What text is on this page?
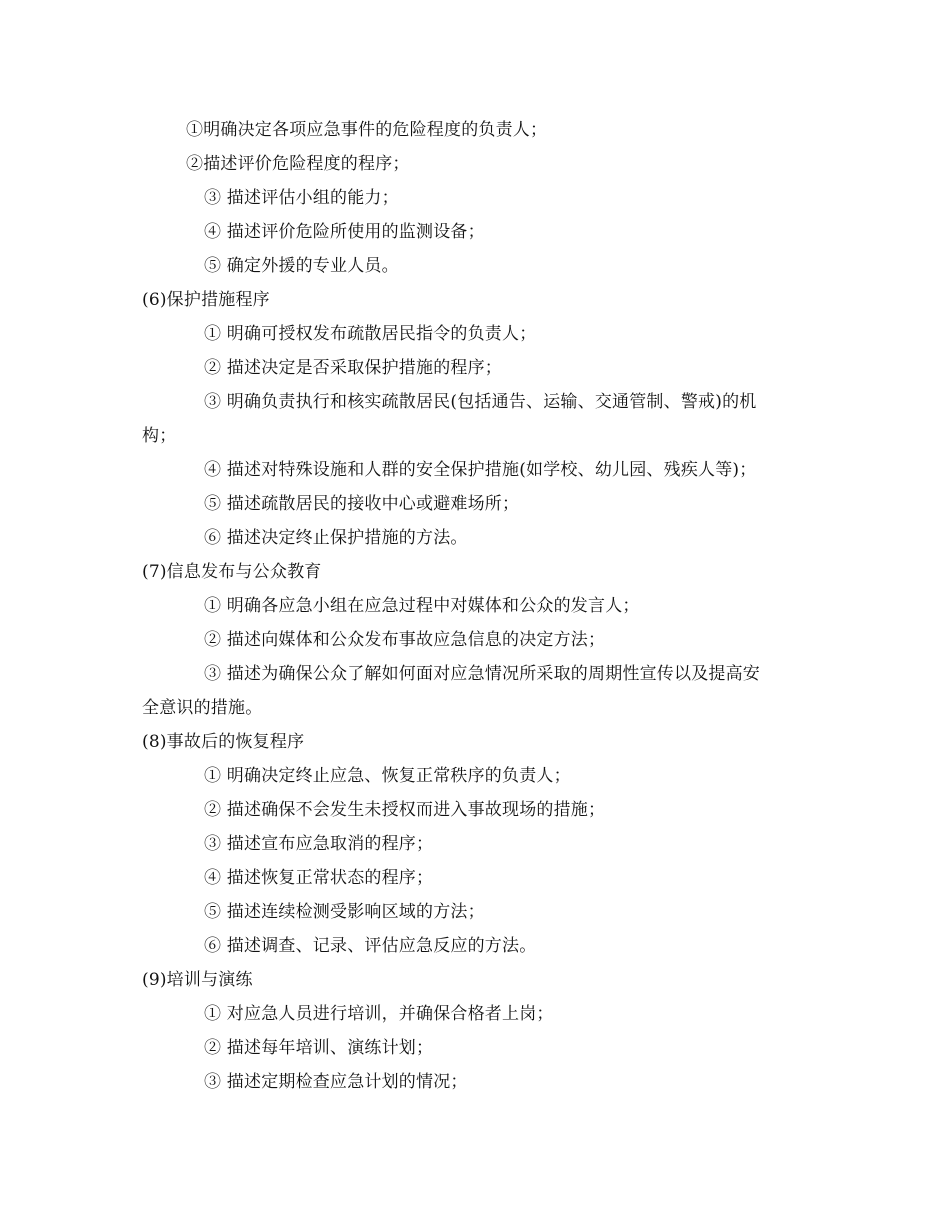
①明确决定各项应急事件的危险程度的负责人；
②描述评价危险程度的程序；
③ 描述评估小组的能力；
④ 描述评价危险所使用的监测设备；
⑤ 确定外援的专业人员。
(6)保护措施程序
① 明确可授权发布疏散居民指令的负责人；
② 描述决定是否采取保护措施的程序；
③ 明确负责执行和核实疏散居民(包括通告、运输、交通管制、警戒)的机
构；
④ 描述对特殊设施和人群的安全保护措施(如学校、幼儿园、残疾人等)；
⑤ 描述疏散居民的接收中心或避难场所；
⑥ 描述决定终止保护措施的方法。
(7)信息发布与公众教育
① 明确各应急小组在应急过程中对媒体和公众的发言人；
② 描述向媒体和公众发布事故应急信息的决定方法；
③ 描述为确保公众了解如何面对应急情况所采取的周期性宣传以及提高安
全意识的措施。
(8)事故后的恢复程序
① 明确决定终止应急、恢复正常秩序的负责人；
② 描述确保不会发生未授权而进入事故现场的措施；
③ 描述宣布应急取消的程序；
④ 描述恢复正常状态的程序；
⑤ 描述连续检测受影响区域的方法；
⑥ 描述调查、记录、评估应急反应的方法。
(9)培训与演练
① 对应急人员进行培训，并确保合格者上岗；
② 描述每年培训、演练计划；
③ 描述定期检查应急计划的情况；
